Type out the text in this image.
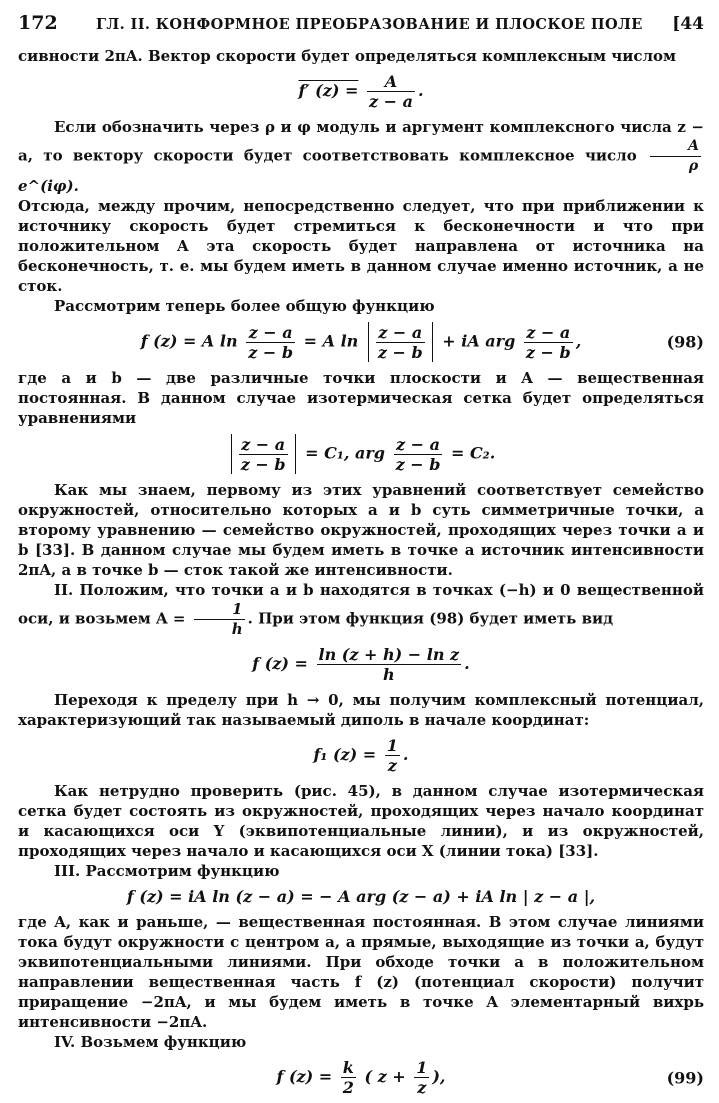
172	ГЛ. II. КОНФОРМНОЕ ПРЕОБРАЗОВАНИЕ И ПЛОСКОЕ ПОЛЕ [44

сивности 2πA. Вектор скорости будет определяться комплексным числом

f′ $(z) = \frac{A}{z - a}$ .

Если обозначить через ρ и φ модуль и аргумент комплексного числа z − a, то вектору скорости будет соответствовать комплексное число $\frac{A}{\rho}$
e^(iφ).

Отсюда, между прочим, непосредственно следует, что при приближении к источнику скорость будет стремиться к бесконечности и что при положительном A эта скорость будет направлена от источника на бесконечность, т. е. мы будем иметь в данном случае именно источник, а не сток.

Рассмотрим теперь более общую функцию

f (z) = A $\ln \frac{z - a}{z - b} = A$ $\ln \frac{z - a}{z - b}$ + iA arg $\frac{z - a}{z - b}$ ,	(98)

где a и b — две различные точки плоскости и A — вещественная постоянная. В данном случае изотермическая сетка будет определяться уравнениями

$\frac{z - a}{z - b} = C_1$, arg $\frac{z - a}{z - b} = C_2$.

Как мы знаем, первому из этих уравнений соответствует семейство окружностей, относительно которых a и b суть симметричные точки, а второму уравнению — семейство окружностей, проходящих через точки a и b [33]. В данном случае мы будем иметь в точке a источник интенсивности 2πA, а в точке b — сток такой же интенсивности.

II. Положим, что точки a и b находятся в точках (−h) и 0 вещественной оси, и возьмем $A = \frac{1}{h}$ . При этом функция (98) будет иметь вид

f $(z) = \frac{\text{ln (z + h) − ln z}}{h}$ .

Переходя к пределу при h → 0, мы получим комплексный потенциал, характеризующий так называемый диполь в начале координат:

f₁ $(z) = \frac{1}{z}$ .

Как нетрудно проверить (рис. 45), в данном случае изотермическая сетка будет состоять из окружностей, проходящих через начало координат и касающихся оси Y (эквипотенциальные линии), и из окружностей, проходящих через начало и касающихся оси X (линии тока) [33].

III. Рассмотрим функцию

f (z) = iA ln (z − a) = − A arg (z − a) + iA ln | z − a |,

где A, как и раньше, — вещественная постоянная. В этом случае линиями тока будут окружности с центром a, а прямые, выходящие из точки a, будут эквипотенциальными линиями. При обходе точки a в положительном направлении вещественная часть f (z) (потенциал скорости) получит приращение −2πA, и мы будем иметь в точке A элементарный вихрь интенсивности −2πA.

IV. Возьмем функцию

f $(z) = \frac{k}{2}$ ( $z + \frac{1}{z}$ ),	(99)
